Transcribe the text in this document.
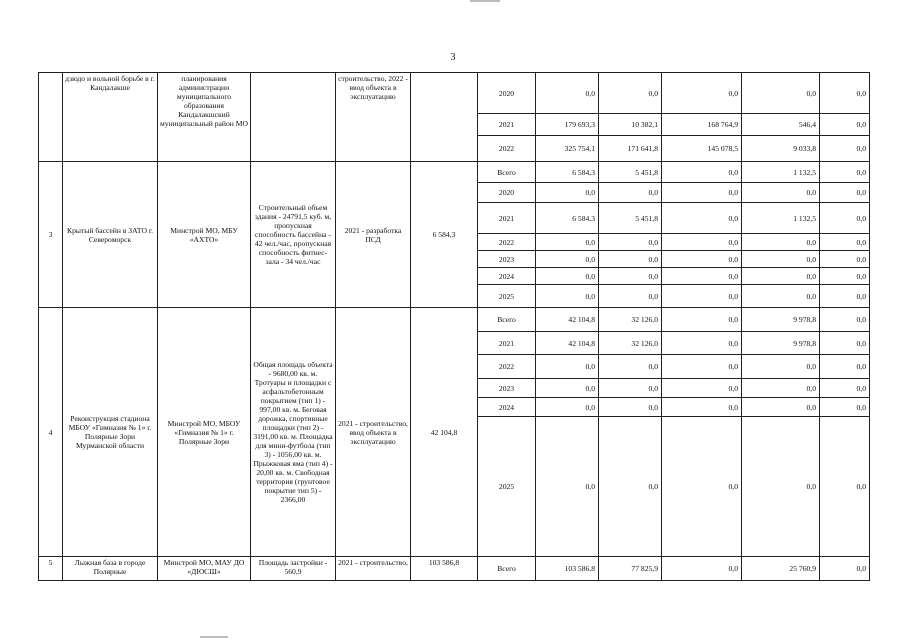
3
	дзюдо и вольной борьбе в г. Кандалакше	планирования администрации муниципального образования Кандалакшский муниципальный район МО		строительство, 2022 - ввод объекта в эксплуатацию		2020	0,0	0,0	0,0	0,0	0,0
						2021	179 693,3	10 382,1	168 764,9	546,4	0,0
						2022	325 754,1	171 641,8	145 078,5	9 033,8	0,0
3	Крытый бассейн в ЗАТО г. Североморск	Минстрой МО, МБУ «АХТО»	Строительный объем здания - 24791,5 куб. м, пропускная способность бассейна - 42 чел./час, пропускная способность фитнес-зала - 34 чел./час	2021 - разработка ПСД	6 584,3	Всего	6 584,3	5 451,8	0,0	1 132,5	0,0
						2020	0,0	0,0	0,0	0,0	0,0
						2021	6 584,3	5 451,8	0,0	1 132,5	0,0
						2022	0,0	0,0	0,0	0,0	0,0
						2023	0,0	0,0	0,0	0,0	0,0
						2024	0,0	0,0	0,0	0,0	0,0
						2025	0,0	0,0	0,0	0,0	0,0
4	Реконструкция стадиона МБОУ «Гимназия № 1» г. Полярные Зори Мурманской области	Минстрой МО, МБОУ «Гимназия № 1» г. Полярные Зори	Общая площадь объекта - 9680,00 кв. м. Тротуары и площадки с асфальтобетонным покрытием (тип 1) - 997,00 кв. м. Беговая дорожка, спортивные площадки (тип 2) - 3191,00 кв. м. Площадка для мини-футбола (тип 3) - 1056,00 кв. м. Прыжковая яма (тип 4) - 20,00 кв. м. Свободная территория (грунтовое покрытие тип 5) - 2366,00	2021 - строительство, ввод объекта в эксплуатацию	42 104,8	Всего	42 104,8	32 126,0	0,0	9 978,8	0,0
						2021	42 104,8	32 126,0	0,0	9 978,8	0,0
						2022	0,0	0,0	0,0	0,0	0,0
						2023	0,0	0,0	0,0	0,0	0,0
						2024	0,0	0,0	0,0	0,0	0,0
						2025	0,0	0,0	0,0	0,0	0,0
5	Лыжная база в городе Полярные	Минстрой МО, МАУ ДО «ДЮСШ»	Площадь застройки - 560,9	2021 - строительство,	103 586,8	Всего	103 586,8	77 825,9	0,0	25 760,9	0,0
